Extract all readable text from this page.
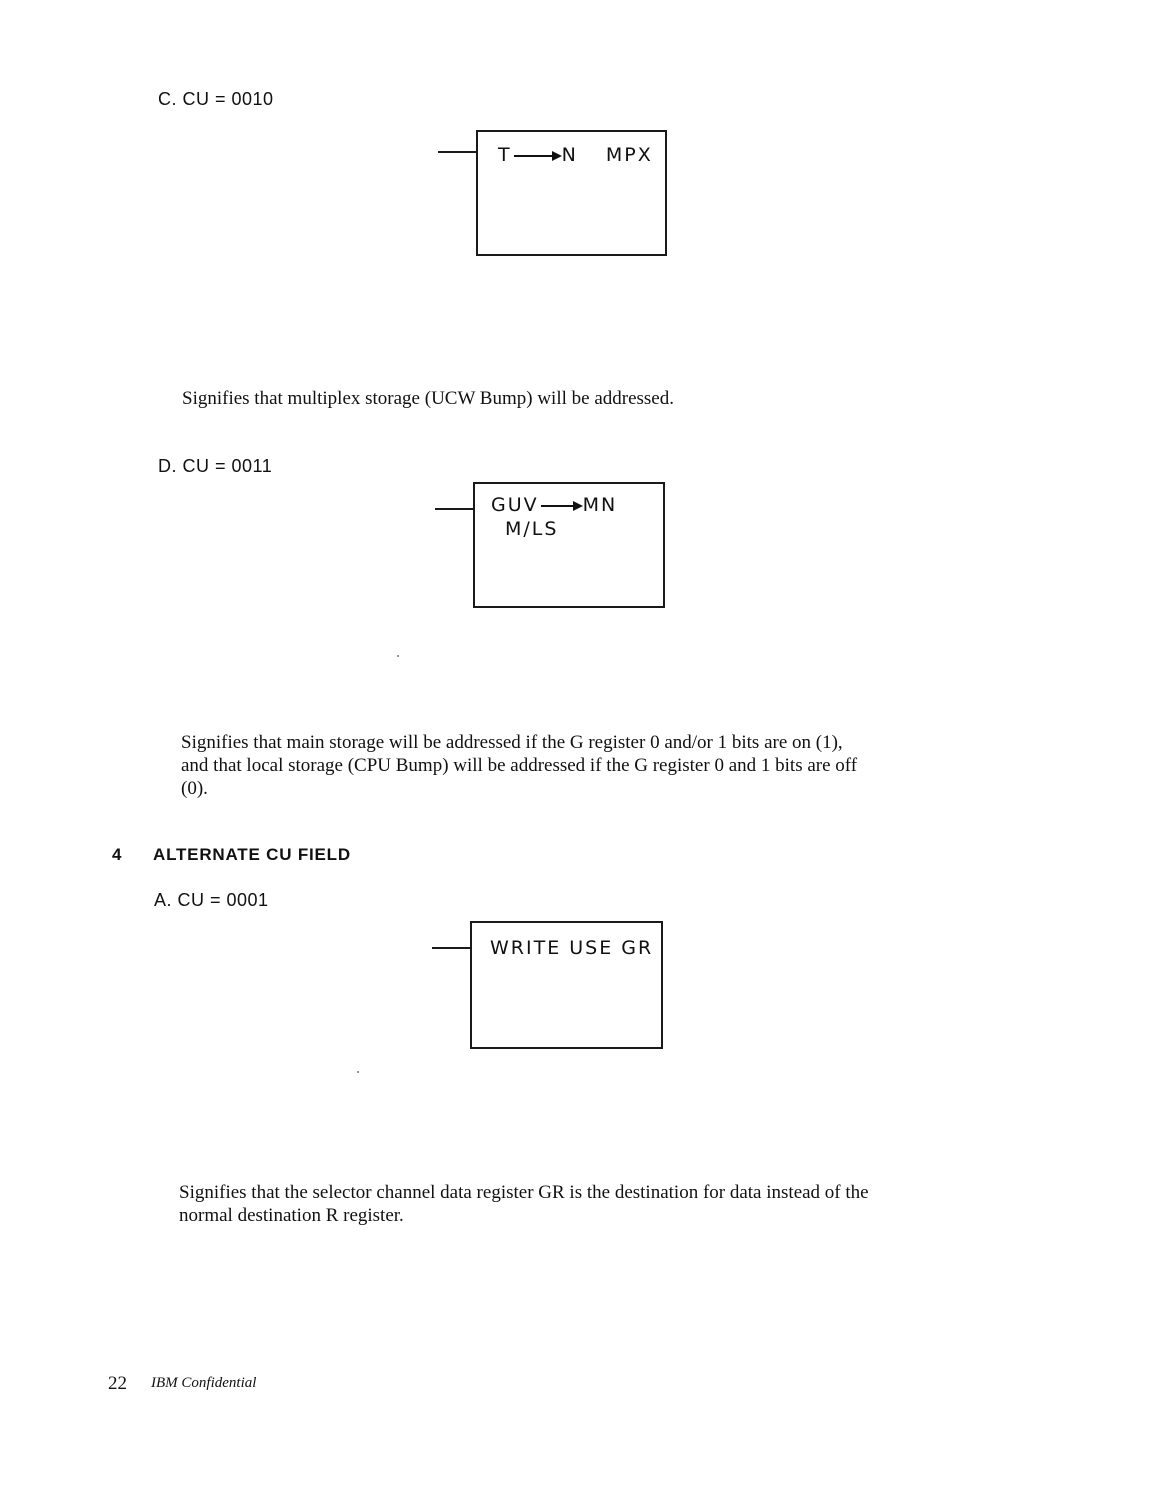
C. CU = 0010
T	N MPX
Signifies that multiplex storage (UCW Bump) will be addressed.
D. CU = 0011
GUV MN
M/LS
Signifies that main storage will be addressed if the G register 0 and/or 1 bits are on (1),
and that local storage (CPU Bump) will be addressed if the G register 0 and 1 bits are off
(0).
4 ALTERNATE CU FIELD
A. CU = 0001
WRITE USE GR
Signifies that the selector channel data register GR is the destination for data instead of the
normal destination R register.
22 IBM Confidential
